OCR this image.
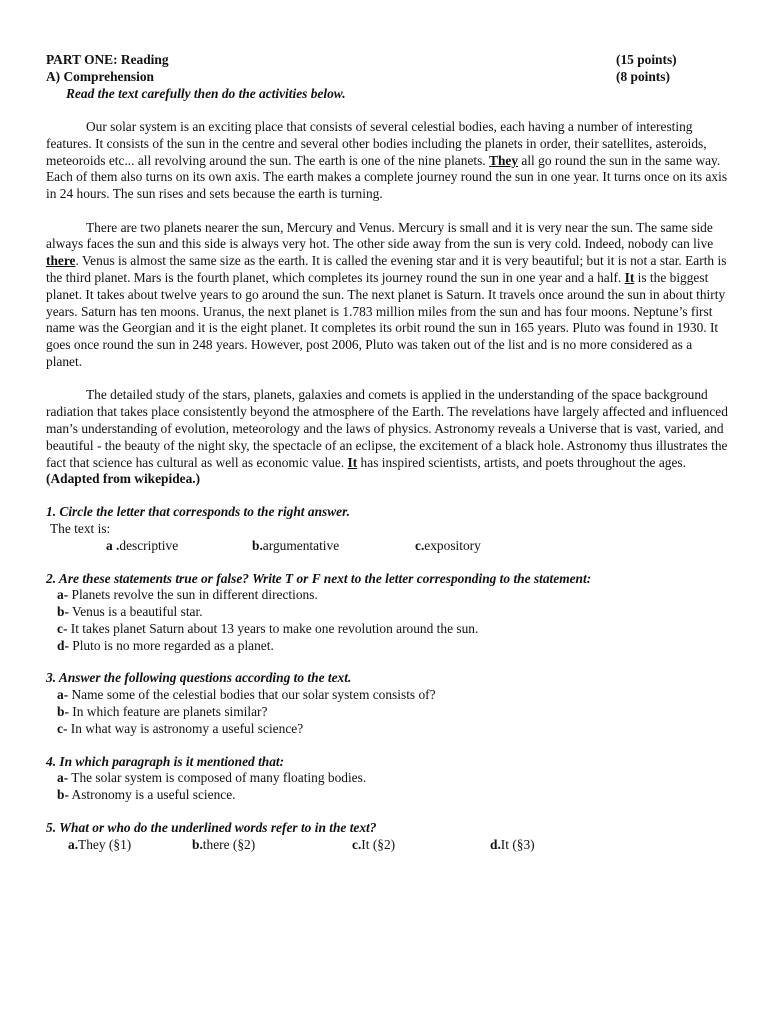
PART ONE: Reading	(15 points)
A) Comprehension	(8 points)
Read the text carefully then do the activities below.

Our solar system is an exciting place that consists of several celestial bodies, each having a number of interesting features. It consists of the sun in the centre and several other bodies including the planets in order, their satellites, asteroids, meteoroids etc... all revolving around the sun. The earth is one of the nine planets. They all go round the sun in the same way. Each of them also turns on its own axis. The earth makes a complete journey round the sun in one year. It turns once on its axis in 24 hours. The sun rises and sets because the earth is turning.

There are two planets nearer the sun, Mercury and Venus. Mercury is small and it is very near the sun. The same side always faces the sun and this side is always very hot. The other side away from the sun is very cold. Indeed, nobody can live there. Venus is almost the same size as the earth. It is called the evening star and it is very beautiful; but it is not a star. Earth is the third planet. Mars is the fourth planet, which completes its journey round the sun in one year and a half. It is the biggest planet. It takes about twelve years to go around the sun. The next planet is Saturn. It travels once around the sun in about thirty years. Saturn has ten moons. Uranus, the next planet is 1.783 million miles from the sun and has four moons. Neptune’s first name was the Georgian and it is the eight planet. It completes its orbit round the sun in 165 years. Pluto was found in 1930. It goes once round the sun in 248 years. However, post 2006, Pluto was taken out of the list and is no more considered as a planet.

The detailed study of the stars, planets, galaxies and comets is applied in the understanding of the space background radiation that takes place consistently beyond the atmosphere of the Earth. The revelations have largely affected and influenced man’s understanding of evolution, meteorology and the laws of physics. Astronomy reveals a Universe that is vast, varied, and beautiful - the beauty of the night sky, the spectacle of an eclipse, the excitement of a black hole. Astronomy thus illustrates the fact that science has cultural as well as economic value. It has inspired scientists, artists, and poets throughout the ages.

(Adapted from wikepidea.)
1. Circle the letter that corresponds to the right answer.
The text is:
a .descriptive	b.argumentative	c.expository
2. Are these statements true or false? Write T or F next to the letter corresponding to the statement:
a- Planets revolve the sun in different directions.
b- Venus is a beautiful star.
c- It takes planet Saturn about 13 years to make one revolution around the sun.
d- Pluto is no more regarded as a planet.
3. Answer the following questions according to the text.
a- Name some of the celestial bodies that our solar system consists of?
b- In which feature are planets similar?
c- In what way is astronomy a useful science?
4. In which paragraph is it mentioned that:
a- The solar system is composed of many floating bodies.
b- Astronomy is a useful science.
5. What or who do the underlined words refer to in the text?
a.They (§1)	b.there (§2)	c.It (§2)	d.It (§3)
